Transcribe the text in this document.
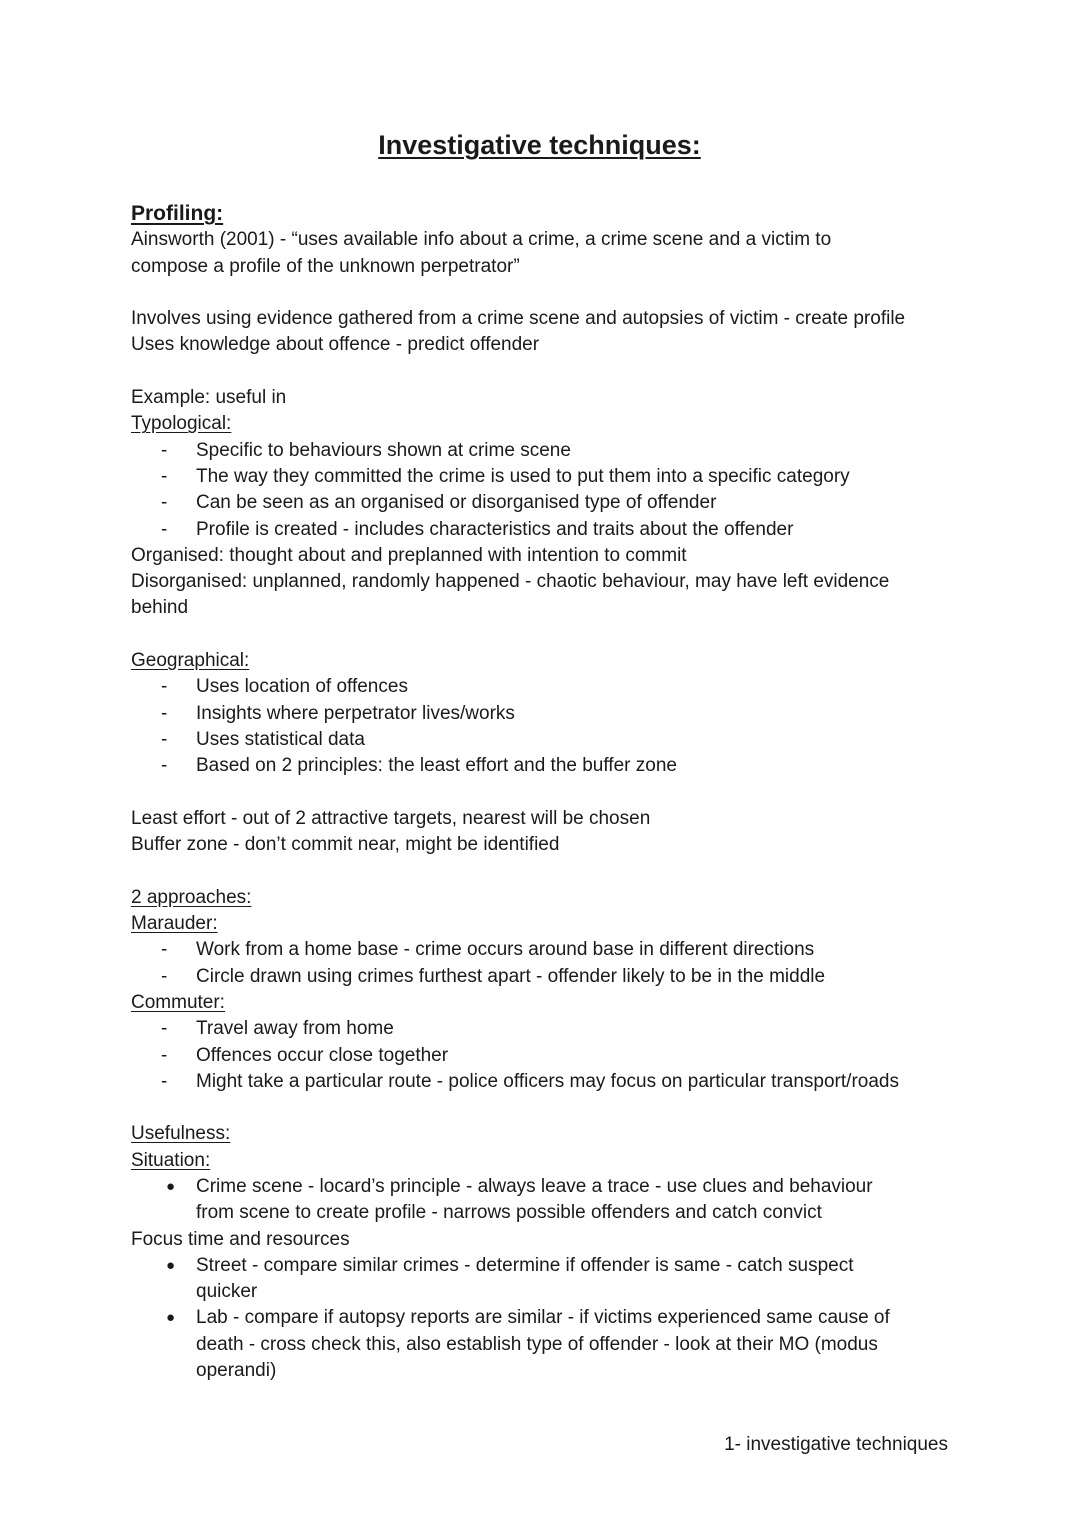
Investigative techniques:

Profiling:

Ainsworth (2001) - “uses available info about a crime, a crime scene and a victim to

compose a profile of the unknown perpetrator”

Involves using evidence gathered from a crime scene and autopsies of victim - create profile

Uses knowledge about offence - predict offender

Example: useful in

Typological:

- Specific to behaviours shown at crime scene
- The way they committed the crime is used to put them into a specific category
- Can be seen as an organised or disorganised type of offender
- Profile is created - includes characteristics and traits about the offender

Organised: thought about and preplanned with intention to commit

Disorganised: unplanned, randomly happened - chaotic behaviour, may have left evidence

behind

Geographical:

- Uses location of offences
- Insights where perpetrator lives/works
- Uses statistical data
- Based on 2 principles: the least effort and the buffer zone

Least effort - out of 2 attractive targets, nearest will be chosen

Buffer zone - don’t commit near, might be identified

2 approaches:

Marauder:

- Work from a home base - crime occurs around base in different directions
- Circle drawn using crimes furthest apart - offender likely to be in the middle

Commuter:

- Travel away from home
- Offences occur close together
- Might take a particular route - police officers may focus on particular transport/roads

Usefulness:

Situation:

● Crime scene - locard’s principle - always leave a trace - use clues and behaviour
from scene to create profile - narrows possible offenders and catch convict

Focus time and resources

● Street - compare similar crimes - determine if offender is same - catch suspect
quicker
● Lab - compare if autopsy reports are similar - if victims experienced same cause of
death - cross check this, also establish type of offender - look at their MO (modus
operandi)

1- investigative techniques
